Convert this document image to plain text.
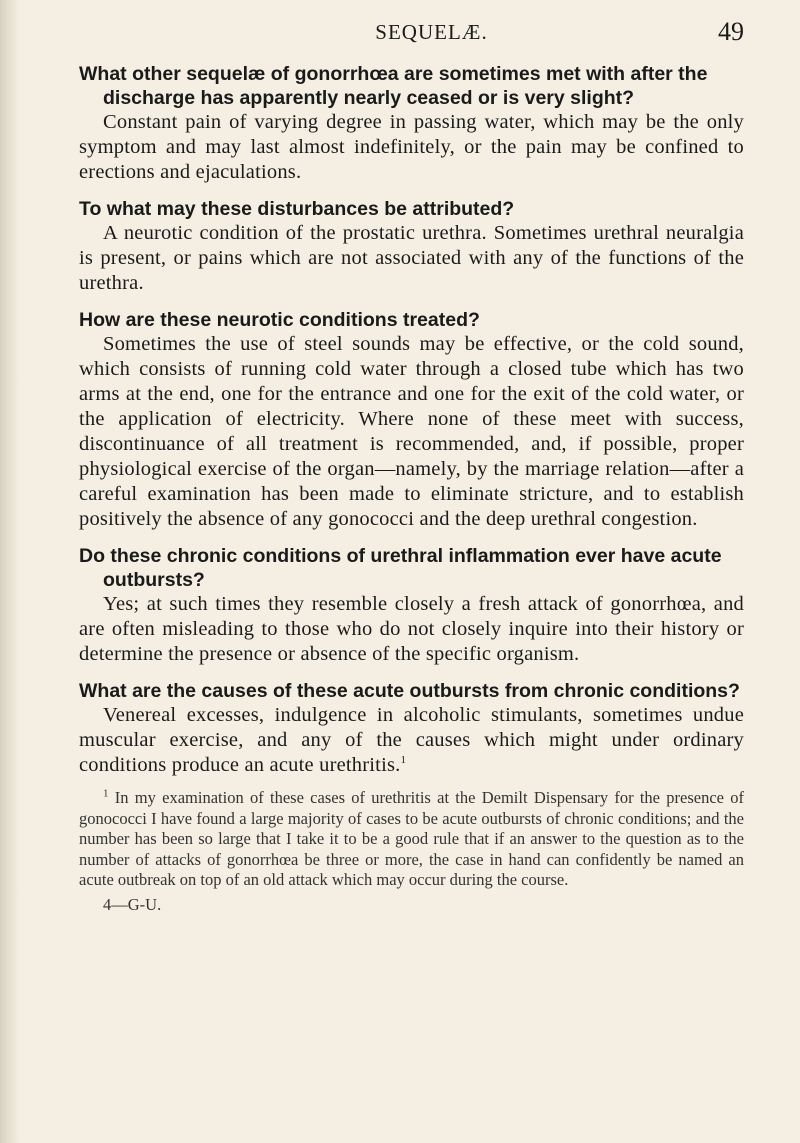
SEQUELÆ.	49

What other sequelæ of gonorrhœa are sometimes met with after the discharge has apparently nearly ceased or is very slight?

Constant pain of varying degree in passing water, which may be the only symptom and may last almost indefinitely, or the pain may be confined to erections and ejaculations.

To what may these disturbances be attributed?

A neurotic condition of the prostatic urethra. Sometimes urethral neuralgia is present, or pains which are not associated with any of the functions of the urethra.

How are these neurotic conditions treated?

Sometimes the use of steel sounds may be effective, or the cold sound, which consists of running cold water through a closed tube which has two arms at the end, one for the entrance and one for the exit of the cold water, or the application of electricity. Where none of these meet with success, discontinuance of all treatment is recommended, and, if possible, proper physiological exercise of the organ—namely, by the marriage relation—after a careful examination has been made to eliminate stricture, and to establish positively the absence of any gonococci and the deep urethral congestion.

Do these chronic conditions of urethral inflammation ever have acute outbursts?

Yes; at such times they resemble closely a fresh attack of gonorrhœa, and are often misleading to those who do not closely inquire into their history or determine the presence or absence of the specific organism.

What are the causes of these acute outbursts from chronic conditions?

Venereal excesses, indulgence in alcoholic stimulants, sometimes undue muscular exercise, and any of the causes which might under ordinary conditions produce an acute urethritis.$^1$

$^1$ In my examination of these cases of urethritis at the Demilt Dispensary for the presence of gonococci I have found a large majority of cases to be acute outbursts of chronic conditions; and the number has been so large that I take it to be a good rule that if an answer to the question as to the number of attacks of gonorrhœa be three or more, the case in hand can confidently be named an acute outbreak on top of an old attack which may occur during the course.
4—G-U.
